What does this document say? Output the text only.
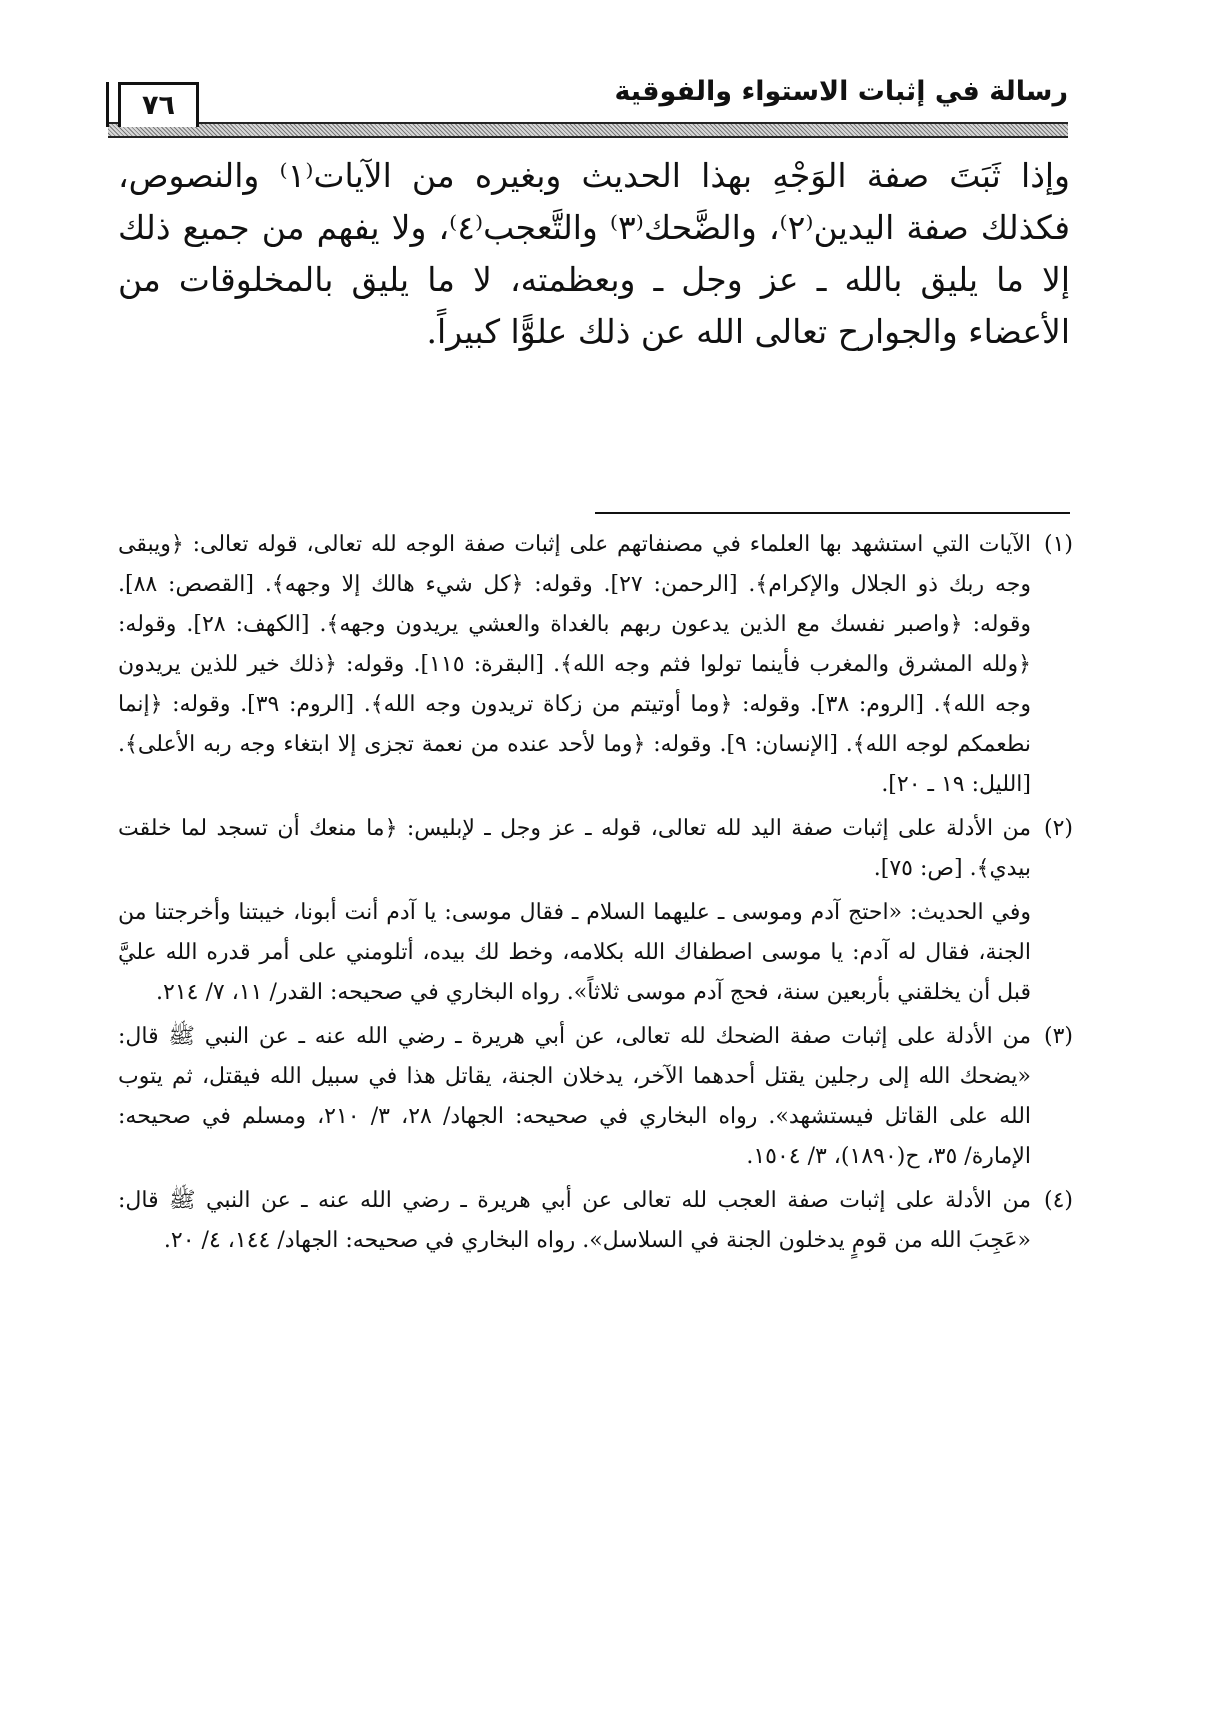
رسالة في إثبات الاستواء والفوقية
٧٦

وإذا ثَبَتَ صفة الوَجْهِ بهذا الحديث وبغيره من الآيات⁽١⁾ والنصوص، فكذلك صفة اليدين⁽٢⁾، والضَّحك⁽٣⁾ والتَّعجب⁽٤⁾، ولا يفهم من جميع ذلك إلا ما يليق بالله ـ عز وجل ـ وبعظمته، لا ما يليق بالمخلوقات من الأعضاء والجوارح تعالى الله عن ذلك علوًّا كبيراً.

(١)

الآيات التي استشهد بها العلماء في مصنفاتهم على إثبات صفة الوجه لله تعالى، قوله تعالى: ﴿ويبقى وجه ربك ذو الجلال والإكرام﴾. [الرحمن: ٢٧]. وقوله: ﴿كل شيء هالك إلا وجهه﴾. [القصص: ٨٨]. وقوله: ﴿واصبر نفسك مع الذين يدعون ربهم بالغداة والعشي يريدون وجهه﴾. [الكهف: ٢٨]. وقوله: ﴿ولله المشرق والمغرب فأينما تولوا فثم وجه الله﴾. [البقرة: ١١٥]. وقوله: ﴿ذلك خير للذين يريدون وجه الله﴾. [الروم: ٣٨]. وقوله: ﴿وما أوتيتم من زكاة تريدون وجه الله﴾. [الروم: ٣٩]. وقوله: ﴿إنما نطعمكم لوجه الله﴾. [الإنسان: ٩]. وقوله: ﴿وما لأحد عنده من نعمة تجزى إلا ابتغاء وجه ربه الأعلى﴾. [الليل: ١٩ ـ ٢٠].

(٢)

من الأدلة على إثبات صفة اليد لله تعالى، قوله ـ عز وجل ـ لإبليس: ﴿ما منعك أن تسجد لما خلقت بيدي﴾. [ص: ٧٥].

وفي الحديث: «احتج آدم وموسى ـ عليهما السلام ـ فقال موسى: يا آدم أنت أبونا، خيبتنا وأخرجتنا من الجنة، فقال له آدم: يا موسى اصطفاك الله بكلامه، وخط لك بيده، أتلومني على أمر قدره الله عليَّ قبل أن يخلقني بأربعين سنة، فحج آدم موسى ثلاثاً». رواه البخاري في صحيحه: القدر/ ١١، ٧/ ٢١٤.

(٣)

من الأدلة على إثبات صفة الضحك لله تعالى، عن أبي هريرة ـ رضي الله عنه ـ عن النبي ﷺ قال: «يضحك الله إلى رجلين يقتل أحدهما الآخر، يدخلان الجنة، يقاتل هذا في سبيل الله فيقتل، ثم يتوب الله على القاتل فيستشهد». رواه البخاري في صحيحه: الجهاد/ ٢٨، ٣/ ٢١٠، ومسلم في صحيحه: الإمارة/ ٣٥، ح(١٨٩٠)، ٣/ ١٥٠٤.

(٤)

من الأدلة على إثبات صفة العجب لله تعالى عن أبي هريرة ـ رضي الله عنه ـ عن النبي ﷺ قال: «عَجِبَ الله من قومٍ يدخلون الجنة في السلاسل». رواه البخاري في صحيحه: الجهاد/ ١٤٤، ٤/ ٢٠.
